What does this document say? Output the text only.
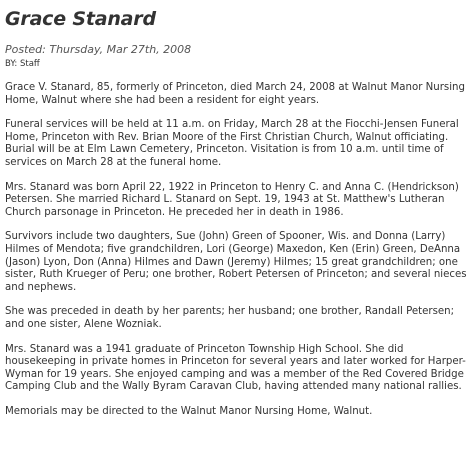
Grace Stanard

Posted: Thursday, Mar 27th, 2008

BY: Staff

Grace V. Stanard, 85, formerly of Princeton, died March 24, 2008 at Walnut Manor Nursing Home, Walnut where she had been a resident for eight years.

Funeral services will be held at 11 a.m. on Friday, March 28 at the Fiocchi-Jensen Funeral Home, Princeton with Rev. Brian Moore of the First Christian Church, Walnut officiating. Burial will be at Elm Lawn Cemetery, Princeton. Visitation is from 10 a.m. until time of services on March 28 at the funeral home.

Mrs. Stanard was born April 22, 1922 in Princeton to Henry C. and Anna C. (Hendrickson) Petersen. She married Richard L. Stanard on Sept. 19, 1943 at St. Matthew's Lutheran Church parsonage in Princeton. He preceded her in death in 1986.

Survivors include two daughters, Sue (John) Green of Spooner, Wis. and Donna (Larry) Hilmes of Mendota; five grandchildren, Lori (George) Maxedon, Ken (Erin) Green, DeAnna (Jason) Lyon, Don (Anna) Hilmes and Dawn (Jeremy) Hilmes; 15 great grandchildren; one sister, Ruth Krueger of Peru; one brother, Robert Petersen of Princeton; and several nieces and nephews.

She was preceded in death by her parents; her husband; one brother, Randall Petersen; and one sister, Alene Wozniak.

Mrs. Stanard was a 1941 graduate of Princeton Township High School. She did housekeeping in private homes in Princeton for several years and later worked for Harper-Wyman for 19 years. She enjoyed camping and was a member of the Red Covered Bridge Camping Club and the Wally Byram Caravan Club, having attended many national rallies.

Memorials may be directed to the Walnut Manor Nursing Home, Walnut.
